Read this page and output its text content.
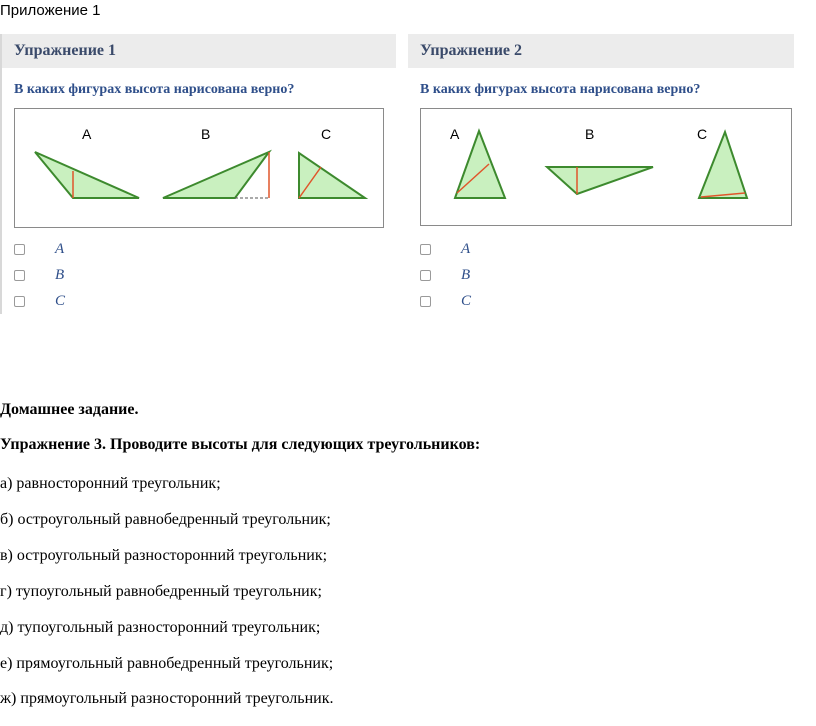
Приложение 1
Упражнение 1
В каких фигурах высота нарисована верно?
A	B	C
A
B
C
Упражнение 2
В каких фигурах высота нарисована верно?
A	B	C
A
B
C
Домашнее задание.
Упражнение 3. Проводите высоты для следующих треугольников:
а) равносторонний треугольник;
б) остроугольный равнобедренный треугольник;
в) остроугольный разносторонний треугольник;
г) тупоугольный равнобедренный треугольник;
д) тупоугольный разносторонний треугольник;
е) прямоугольный равнобедренный треугольник;
ж) прямоугольный разносторонний треугольник.
